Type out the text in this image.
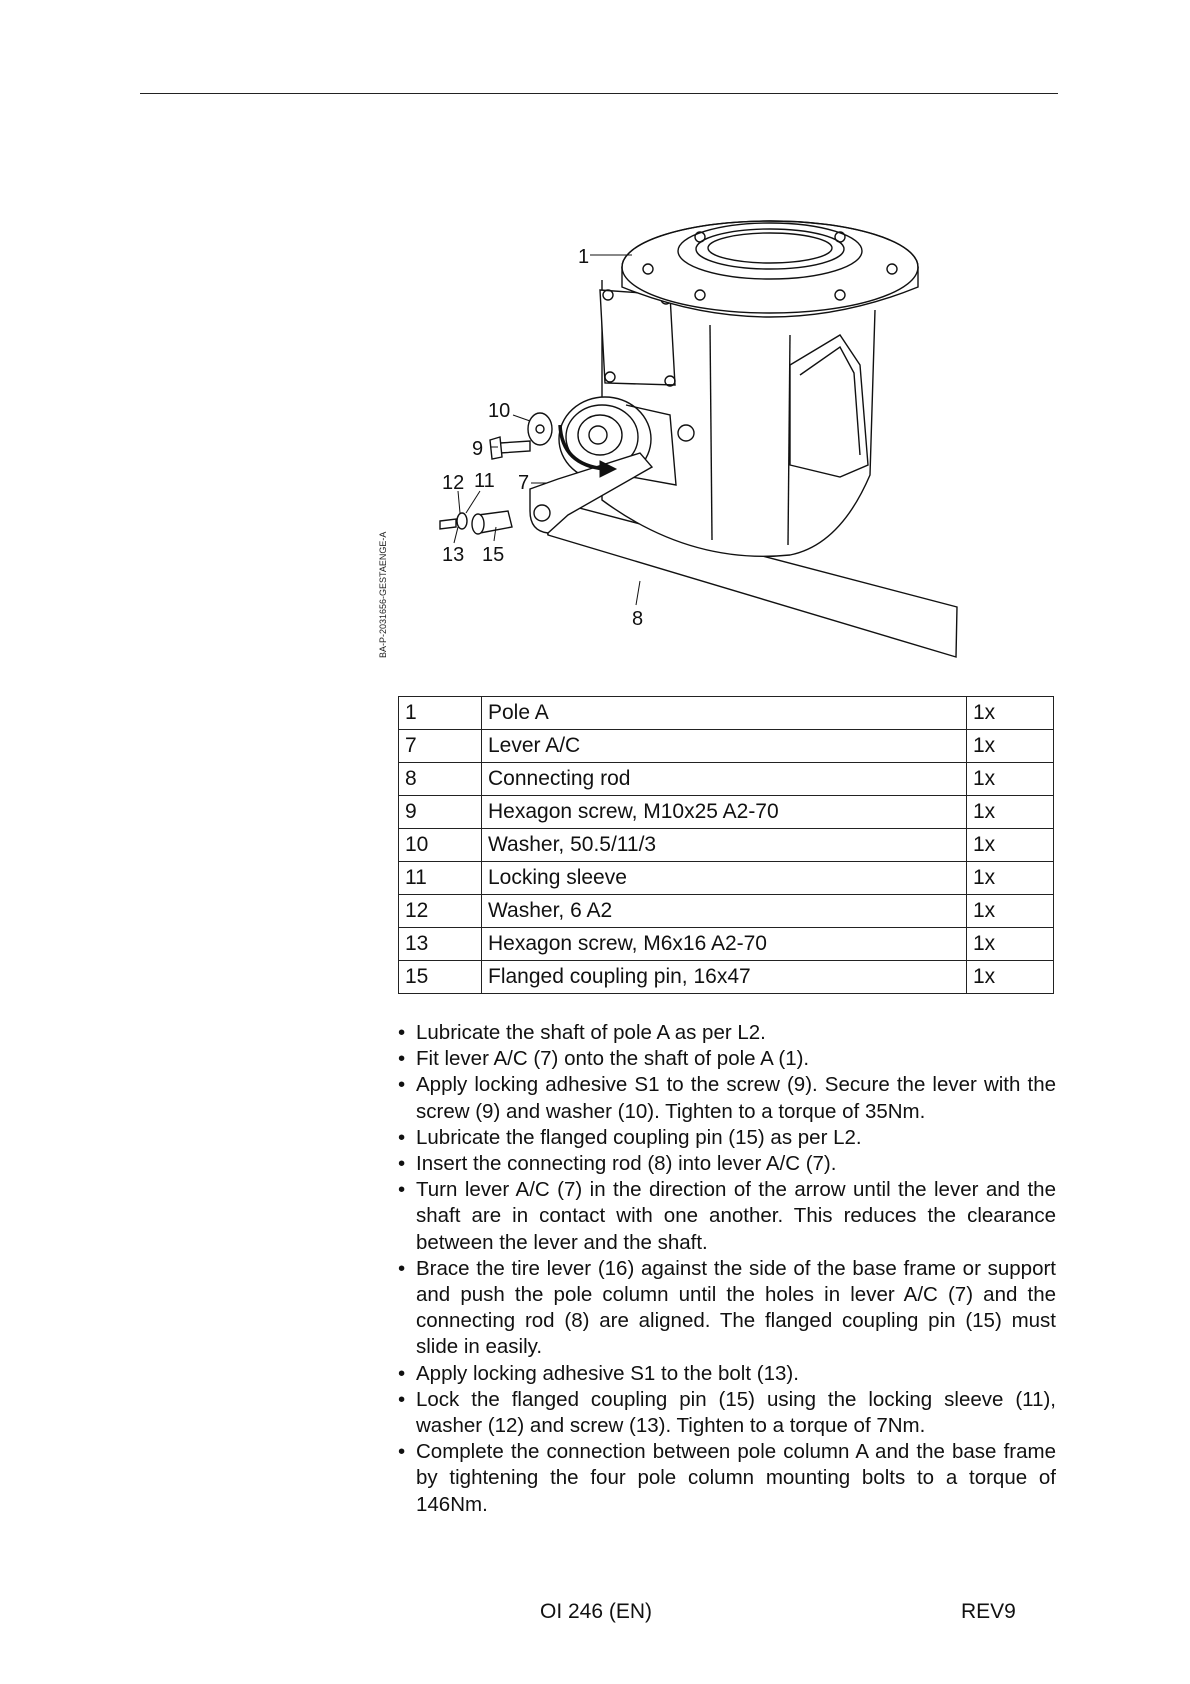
1
10
9
12 11 7
13 15
8
BA-P-2031656-GESTAENGE-A
1	Pole A	1x
7	Lever A/C	1x
8	Connecting rod	1x
9	Hexagon screw, M10x25 A2-70	1x
10	Washer, 50.5/11/3	1x
11	Locking sleeve	1x
12	Washer, 6 A2	1x
13	Hexagon screw, M6x16 A2-70	1x
15	Flanged coupling pin, 16x47	1x
• Lubricate the shaft of pole A as per L2.
• Fit lever A/C (7) onto the shaft of pole A (1).
• Apply locking adhesive S1 to the screw (9). Secure the lever with the screw (9) and washer (10). Tighten to a torque of 35Nm.
• Lubricate the flanged coupling pin (15) as per L2.
• Insert the connecting rod (8) into lever A/C (7).
• Turn lever A/C (7) in the direction of the arrow until the lever and the shaft are in contact with one another. This reduces the clearance between the lever and the shaft.
• Brace the tire lever (16) against the side of the base frame or support and push the pole column until the holes in lever A/C (7) and the connecting rod (8) are aligned. The flanged coupling pin (15) must slide in easily.
• Apply locking adhesive S1 to the bolt (13).
• Lock the flanged coupling pin (15) using the locking sleeve (11), washer (12) and screw (13). Tighten to a torque of 7Nm.
• Complete the connection between pole column A and the base frame by tightening the four pole column mounting bolts to a torque of 146Nm.
OI 246 (EN)	REV9
